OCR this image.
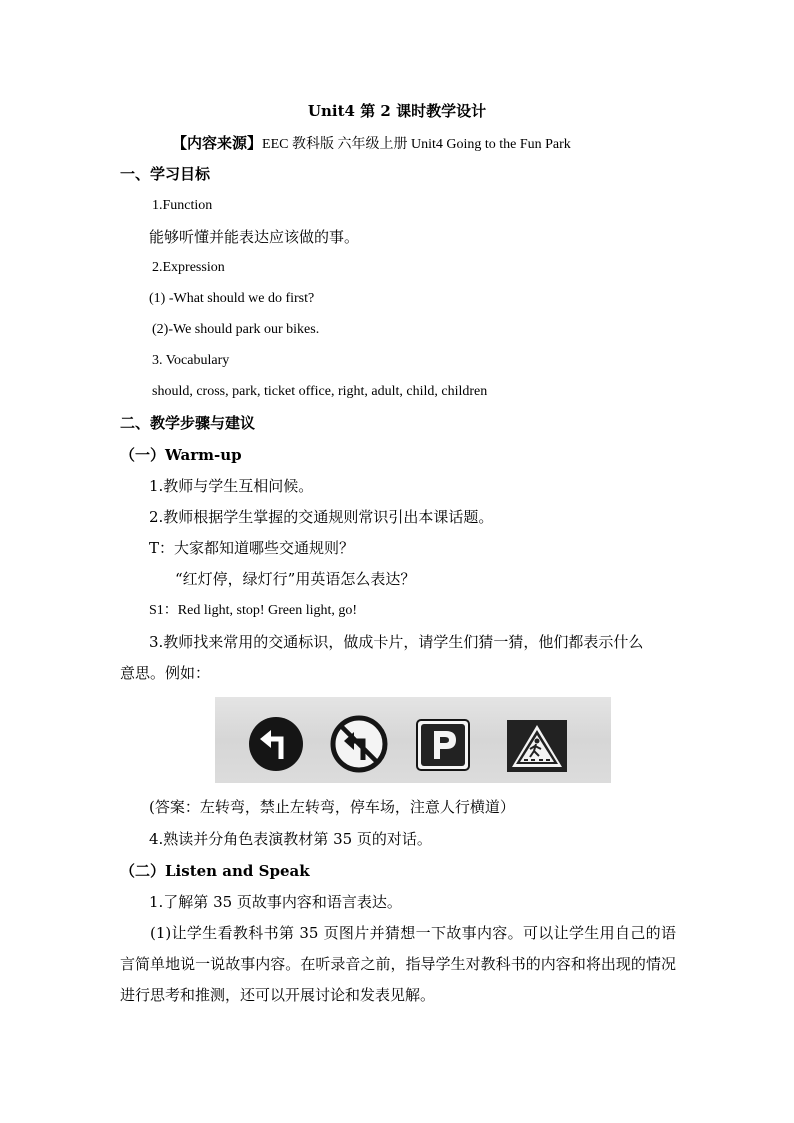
Unit4 第 2 课时教学设计
【内容来源】EEC 教科版 六年级上册 Unit4 Going to the Fun Park
一、学习目标
1.Function
能够听懂并能表达应该做的事。
2.Expression
(1) -What should we do first?
(2)-We should park our bikes.
3. Vocabulary
should, cross, park, ticket office, right, adult, child, children
二、教学步骤与建议
（一）Warm-up
1.教师与学生互相问候。
2.教师根据学生掌握的交通规则常识引出本课话题。
T：大家都知道哪些交通规则？
“红灯停，绿灯行”用英语怎么表达？
S1：Red light, stop! Green light, go!
3.教师找来常用的交通标识，做成卡片，请学生们猜一猜，他们都表示什么
意思。例如：
(答案：左转弯，禁止左转弯，停车场，注意人行横道）
4.熟读并分角色表演教材第 35 页的对话。
（二）Listen and Speak
1.了解第 35 页故事内容和语言表达。
(1)让学生看教科书第 35 页图片并猜想一下故事内容。可以让学生用自己的语言简单地说一说故事内容。在听录音之前，指导学生对教科书的内容和将出现的情况进行思考和推测，还可以开展讨论和发表见解。
